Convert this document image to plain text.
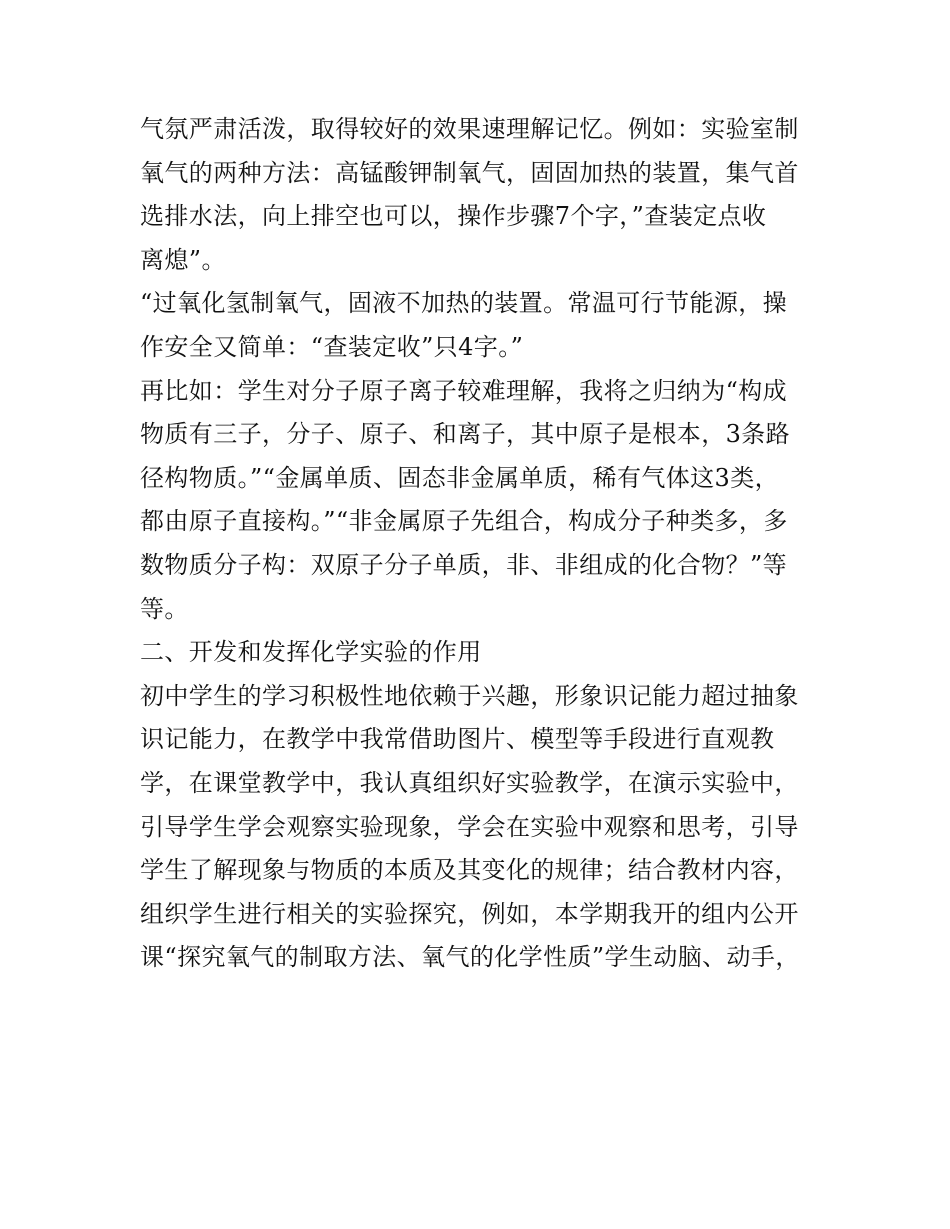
气氛严肃活泼，取得较好的效果速理解记忆。例如：实验室制
氧气的两种方法：高锰酸钾制氧气，固固加热的装置，集气首
选排水法，向上排空也可以，操作步骤7个字，”查装定点收
离熄”。
“过氧化氢制氧气，固液不加热的装置。常温可行节能源，操
作安全又简单：“查装定收”只4字。”
再比如：学生对分子原子离子较难理解，我将之归纳为“构成
物质有三子，分子、原子、和离子，其中原子是根本，3条路
径构物质。”“金属单质、固态非金属单质，稀有气体这3类，
都由原子直接构。”“非金属原子先组合，构成分子种类多，多
数物质分子构：双原子分子单质，非、非组成的化合物？”等
等。
二、开发和发挥化学实验的作用
初中学生的学习积极性地依赖于兴趣，形象识记能力超过抽象
识记能力，在教学中我常借助图片、模型等手段进行直观教
学，在课堂教学中，我认真组织好实验教学，在演示实验中，
引导学生学会观察实验现象，学会在实验中观察和思考，引导
学生了解现象与物质的本质及其变化的规律；结合教材内容，
组织学生进行相关的实验探究，例如，本学期我开的组内公开
课“探究氧气的制取方法、氧气的化学性质”学生动脑、动手，
